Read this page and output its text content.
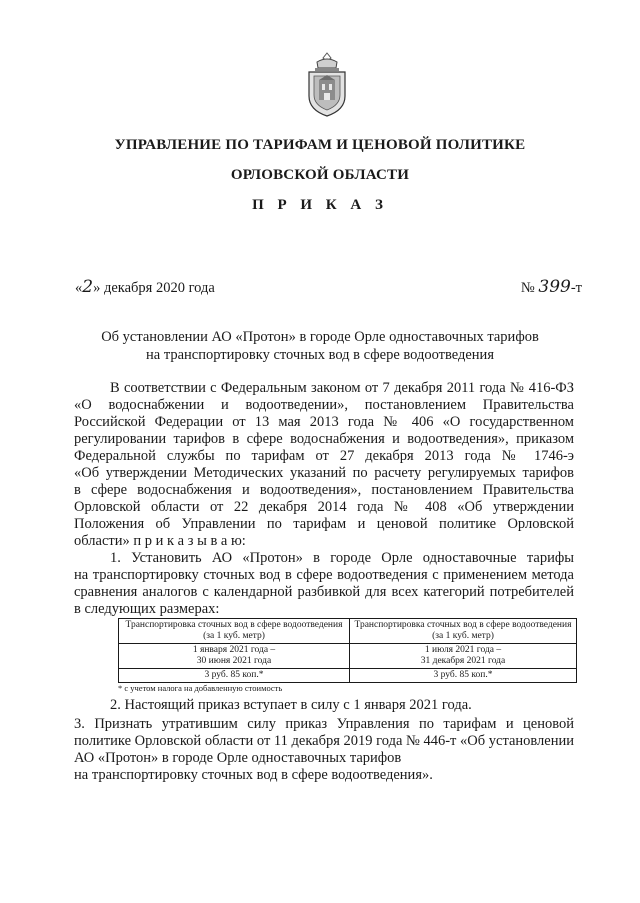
УПРАВЛЕНИЕ ПО ТАРИФАМ И ЦЕНОВОЙ ПОЛИТИКЕ
ОРЛОВСКОЙ ОБЛАСТИ
П Р И К А З
«2» декабря 2020 года	№ 399-т
Об установлении АО «Протон» в городе Орле одноставочных тарифов
на транспортировку сточных вод в сфере водоотведения
В соответствии с Федеральным законом от 7 декабря 2011 года № 416-ФЗ
«О водоснабжении и водоотведении», постановлением Правительства
Российской Федерации от 13 мая 2013 года № 406 «О государственном
регулировании тарифов в сфере водоснабжения и водоотведения», приказом
Федеральной службы по тарифам от 27 декабря 2013 года № 1746-э
«Об утверждении Методических указаний по расчету регулируемых тарифов
в сфере водоснабжения и водоотведения», постановлением Правительства
Орловской области от 22 декабря 2014 года № 408 «Об утверждении
Положения об Управлении по тарифам и ценовой политике Орловской

области» п р и к а з ы в а ю:

1. Установить АО «Протон» в городе Орле одноставочные тарифы
на транспортировку сточных вод в сфере водоотведения с применением метода
сравнения аналогов с календарной разбивкой для всех категорий потребителей

в следующих размерах:

Транспортировка сточных вод в сфере водоотведения (за 1 куб. метр)	Транспортировка сточных вод в сфере водоотведения (за 1 куб. метр)
1 января 2021 года –
30 июня 2021 года	1 июля 2021 года –
31 декабря 2021 года
3 руб. 85 коп.*	3 руб. 85 коп.*
* с учетом налога на добавленную стоимость

2. Настоящий приказ вступает в силу с 1 января 2021 года.

3. Признать утратившим силу приказ Управления по тарифам и ценовой политике Орловской области от 11 декабря 2019 года № 446-т «Об установлении АО «Протон» в городе Орле одноставочных тарифов

на транспортировку сточных вод в сфере водоотведения».
